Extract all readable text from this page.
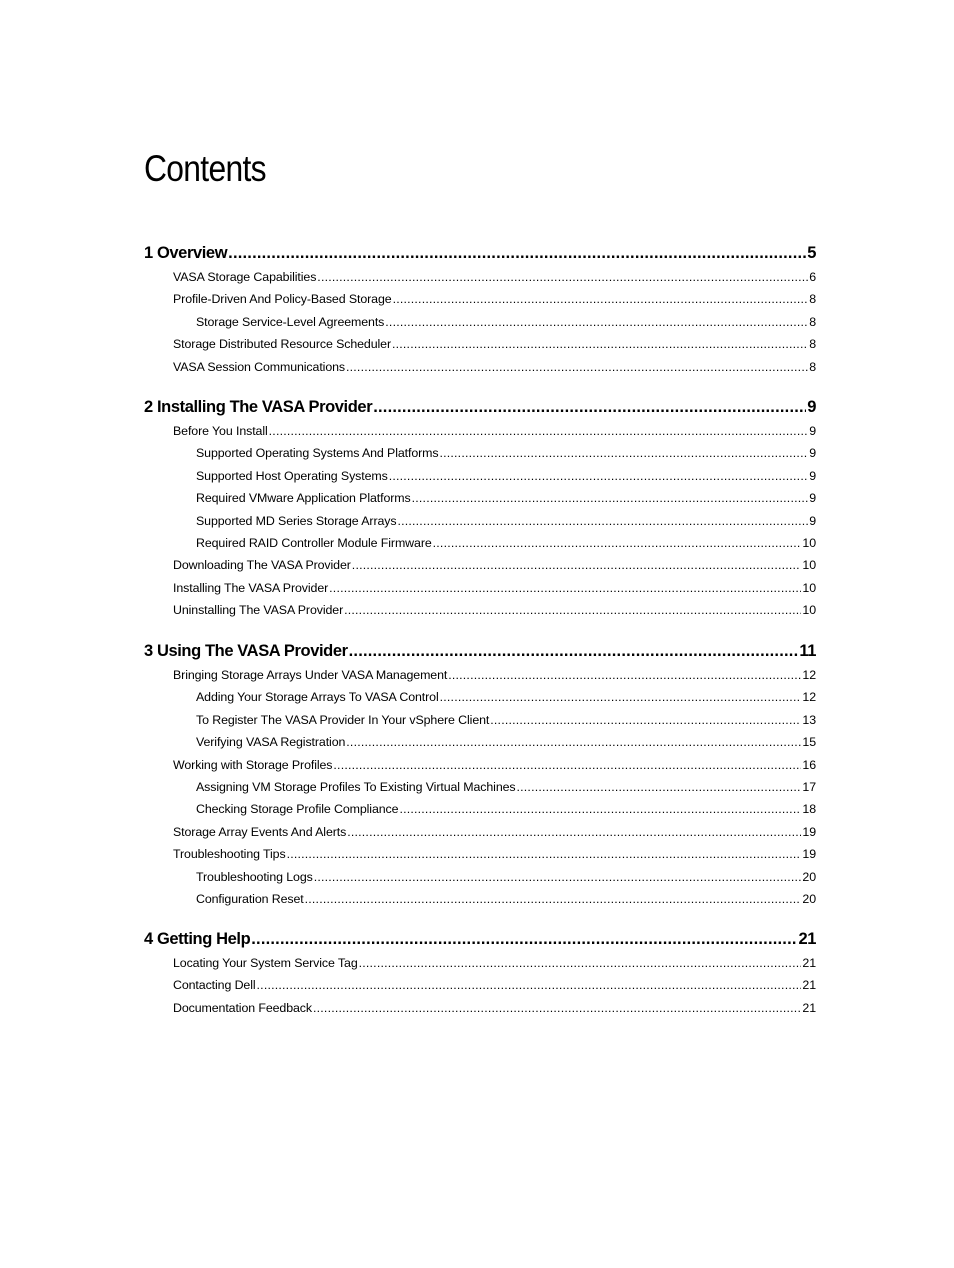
Contents
1 Overview .....	5
VASA Storage Capabilities .....	6
Profile-Driven And Policy-Based Storage .....	8
Storage Service-Level Agreements .....	8
Storage Distributed Resource Scheduler .....	8
VASA Session Communications .....	8
2 Installing The VASA Provider .....	9
Before You Install .....	9
Supported Operating Systems And Platforms .....	9
Supported Host Operating Systems .....	9
Required VMware Application Platforms .....	9
Supported MD Series Storage Arrays .....	9
Required RAID Controller Module Firmware .....	10
Downloading The VASA Provider .....	10
Installing The VASA Provider .....	10
Uninstalling The VASA Provider .....	10
3 Using The VASA Provider .....	11
Bringing Storage Arrays Under VASA Management .....	12
Adding Your Storage Arrays To VASA Control .....	12
To Register The VASA Provider In Your vSphere Client .....	13
Verifying VASA Registration .....	15
Working with Storage Profiles .....	16
Assigning VM Storage Profiles To Existing Virtual Machines .....	17
Checking Storage Profile Compliance .....	18
Storage Array Events And Alerts .....	19
Troubleshooting Tips .....	19
Troubleshooting Logs .....	20
Configuration Reset .....	20
4 Getting Help .....	21
Locating Your System Service Tag .....	21
Contacting Dell .....	21
Documentation Feedback .....	21
